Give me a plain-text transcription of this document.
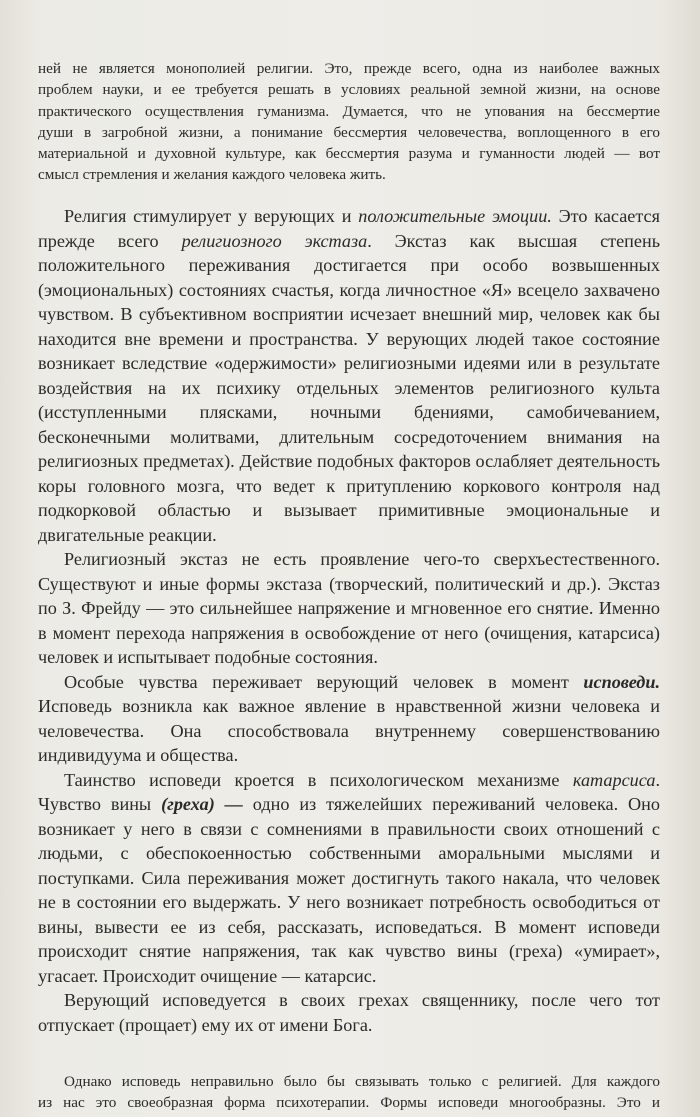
ней не является монополией религии. Это, прежде всего, одна из наиболее важных

проблем науки, и ее требуется решать в условиях реальной земной жизни, на основе

практического осуществления гуманизма. Думается, что не упования на бессмертие

души в загробной жизни, а понимание бессмертия человечества, воплощенного в его

материальной и духовной культуре, как бессмертия разума и гуманности людей — вот

смысл стремления и желания каждого человека жить.

Религия стимулирует у верующих и положительные эмоции. Это касается прежде всего религиозного экстаза. Экстаз как высшая степень положительного переживания достигается при особо возвышенных (эмоциональных) состояниях счастья, когда личностное «Я» всецело захвачено чувством. В субъективном восприятии исчезает внешний мир, человек как бы находится вне времени и пространства. У верующих людей такое состояние возникает вследствие «одержимости» религиозными идеями или в результате воздействия на их психику отдельных элементов религиозного культа (исступленными плясками, ночными бдениями, самобичеванием, бесконечными молитвами, длительным сосредоточением внимания на религиозных предметах). Действие подобных факторов ослабляет деятельность коры головного мозга, что ведет к притуплению коркового контроля над подкорковой областью и вызывает примитивные эмоциональные и двигательные реакции.

Религиозный экстаз не есть проявление чего-то сверхъестественного. Существуют и иные формы экстаза (творческий, политический и др.). Экстаз по З. Фрейду — это сильнейшее напряжение и мгновенное его снятие. Именно в момент перехода напряжения в освобождение от него (очищения, катарсиса) человек и испытывает подобные состояния.

Особые чувства переживает верующий человек в момент исповеди. Исповедь возникла как важное явление в нравственной жизни человека и человечества. Она способствовала внутреннему совершенствованию индивидуума и общества.

Таинство исповеди кроется в психологическом механизме катарсиса. Чувство вины (греха) — одно из тяжелейших переживаний человека. Оно возникает у него в связи с сомнениями в правильности своих отношений с людьми, с обеспокоенностью собственными аморальными мыслями и поступками. Сила переживания может достигнуть такого накала, что человек не в состоянии его выдержать. У него возникает потребность освободиться от вины, вывести ее из себя, рассказать, исповедаться. В момент исповеди происходит снятие напряжения, так как чувство вины (греха) «умирает», угасает. Происходит очищение — катарсис.

Верующий исповедуется в своих грехах священнику, после чего тот отпускает (прощает) ему их от имени Бога.

Однако исповедь неправильно было бы связывать только с религией. Для каждого

из нас это своеобразная форма психотерапии. Формы исповеди многообразны. Это и
